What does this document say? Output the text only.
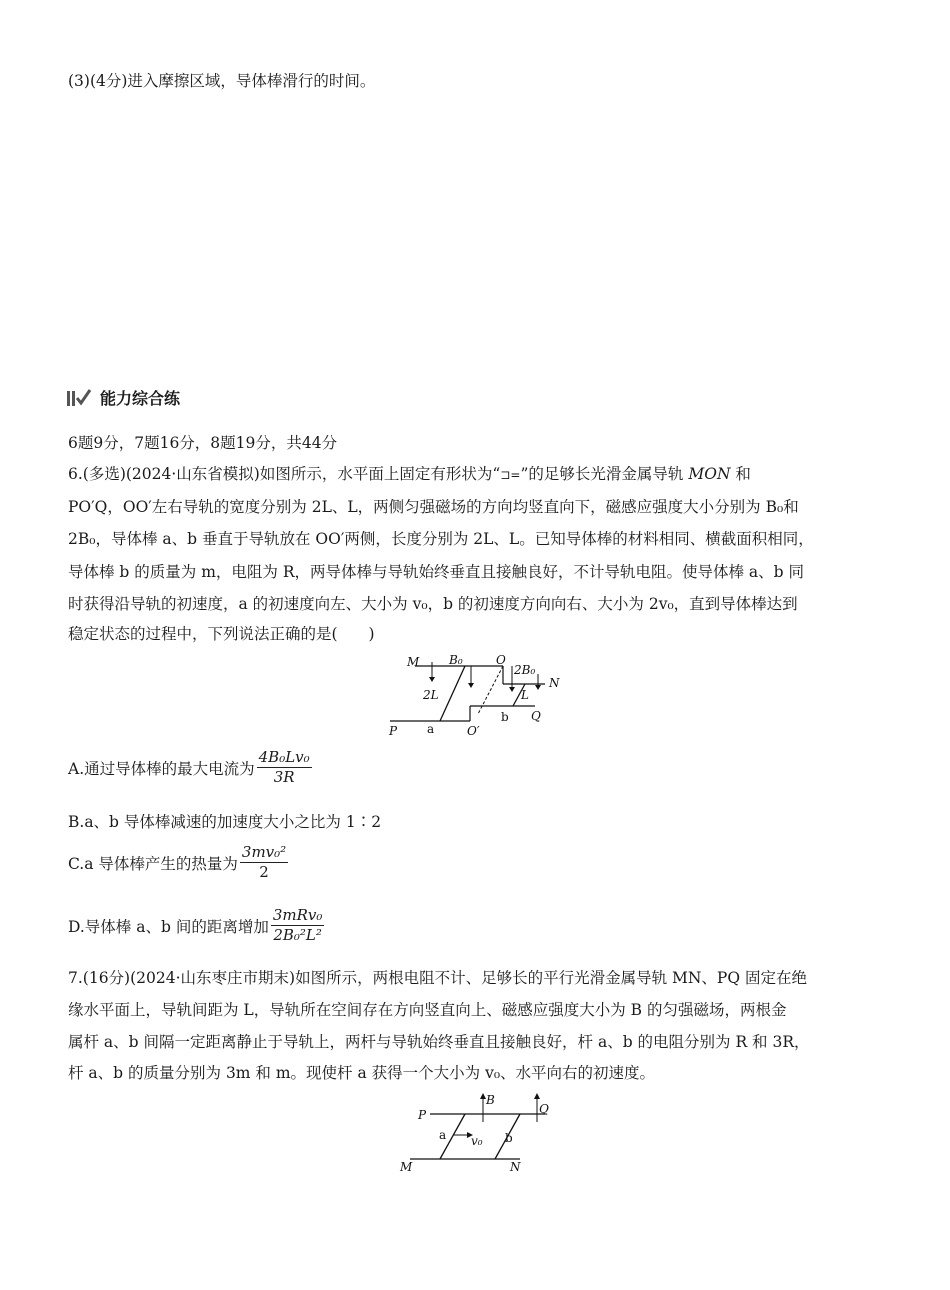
(3)(4分)进入摩擦区域，导体棒滑行的时间。
能力综合练
6题9分，7题16分，8题19分，共44分
6.(多选)(2024·山东省模拟)如图所示，水平面上固定有形状为“⊐=”的足够长光滑金属导轨 MON 和
PO′Q，OO′左右导轨的宽度分别为 2L、L，两侧匀强磁场的方向均竖直向下，磁感应强度大小分别为 B₀和
2B₀，导体棒 a、b 垂直于导轨放在 OO′两侧，长度分别为 2L、L。已知导体棒的材料相同、横截面积相同，
导体棒 b 的质量为 m，电阻为 R，两导体棒与导轨始终垂直且接触良好，不计导轨电阻。使导体棒 a、b 同
时获得沿导轨的初速度，a 的初速度向左、大小为 v₀，b 的初速度方向向右、大小为 2v₀，直到导体棒达到
稳定状态的过程中，下列说法正确的是(　　)
M B₀	O
2B₀
N
2L	L
b Q
P a	O′
A.通过导体棒的最大电流为 $\frac{\text{4B₀Lv₀}}{3R}$
B.a、b 导体棒减速的加速度大小之比为 1∶2
C.a 导体棒产生的热量为 $\frac{\text{3mv₀²}}{2}$
D.导体棒 a、b 间的距离增加 $\frac{\text{3mRv₀}}{\text{2B₀²L²}}$
7.(16分)(2024·山东枣庄市期末)如图所示，两根电阻不计、足够长的平行光滑金属导轨 MN、PQ 固定在绝
缘水平面上，导轨间距为 L，导轨所在空间存在方向竖直向上、磁感应强度大小为 B 的匀强磁场，两根金
属杆 a、b 间隔一定距离静止于导轨上，两杆与导轨始终垂直且接触良好，杆 a、b 的电阻分别为 R 和 3R，
杆 a、b 的质量分别为 3m 和 m。现使杆 a 获得一个大小为 v₀、水平向右的初速度。
P
B
Q
a v₀ b
M	N
